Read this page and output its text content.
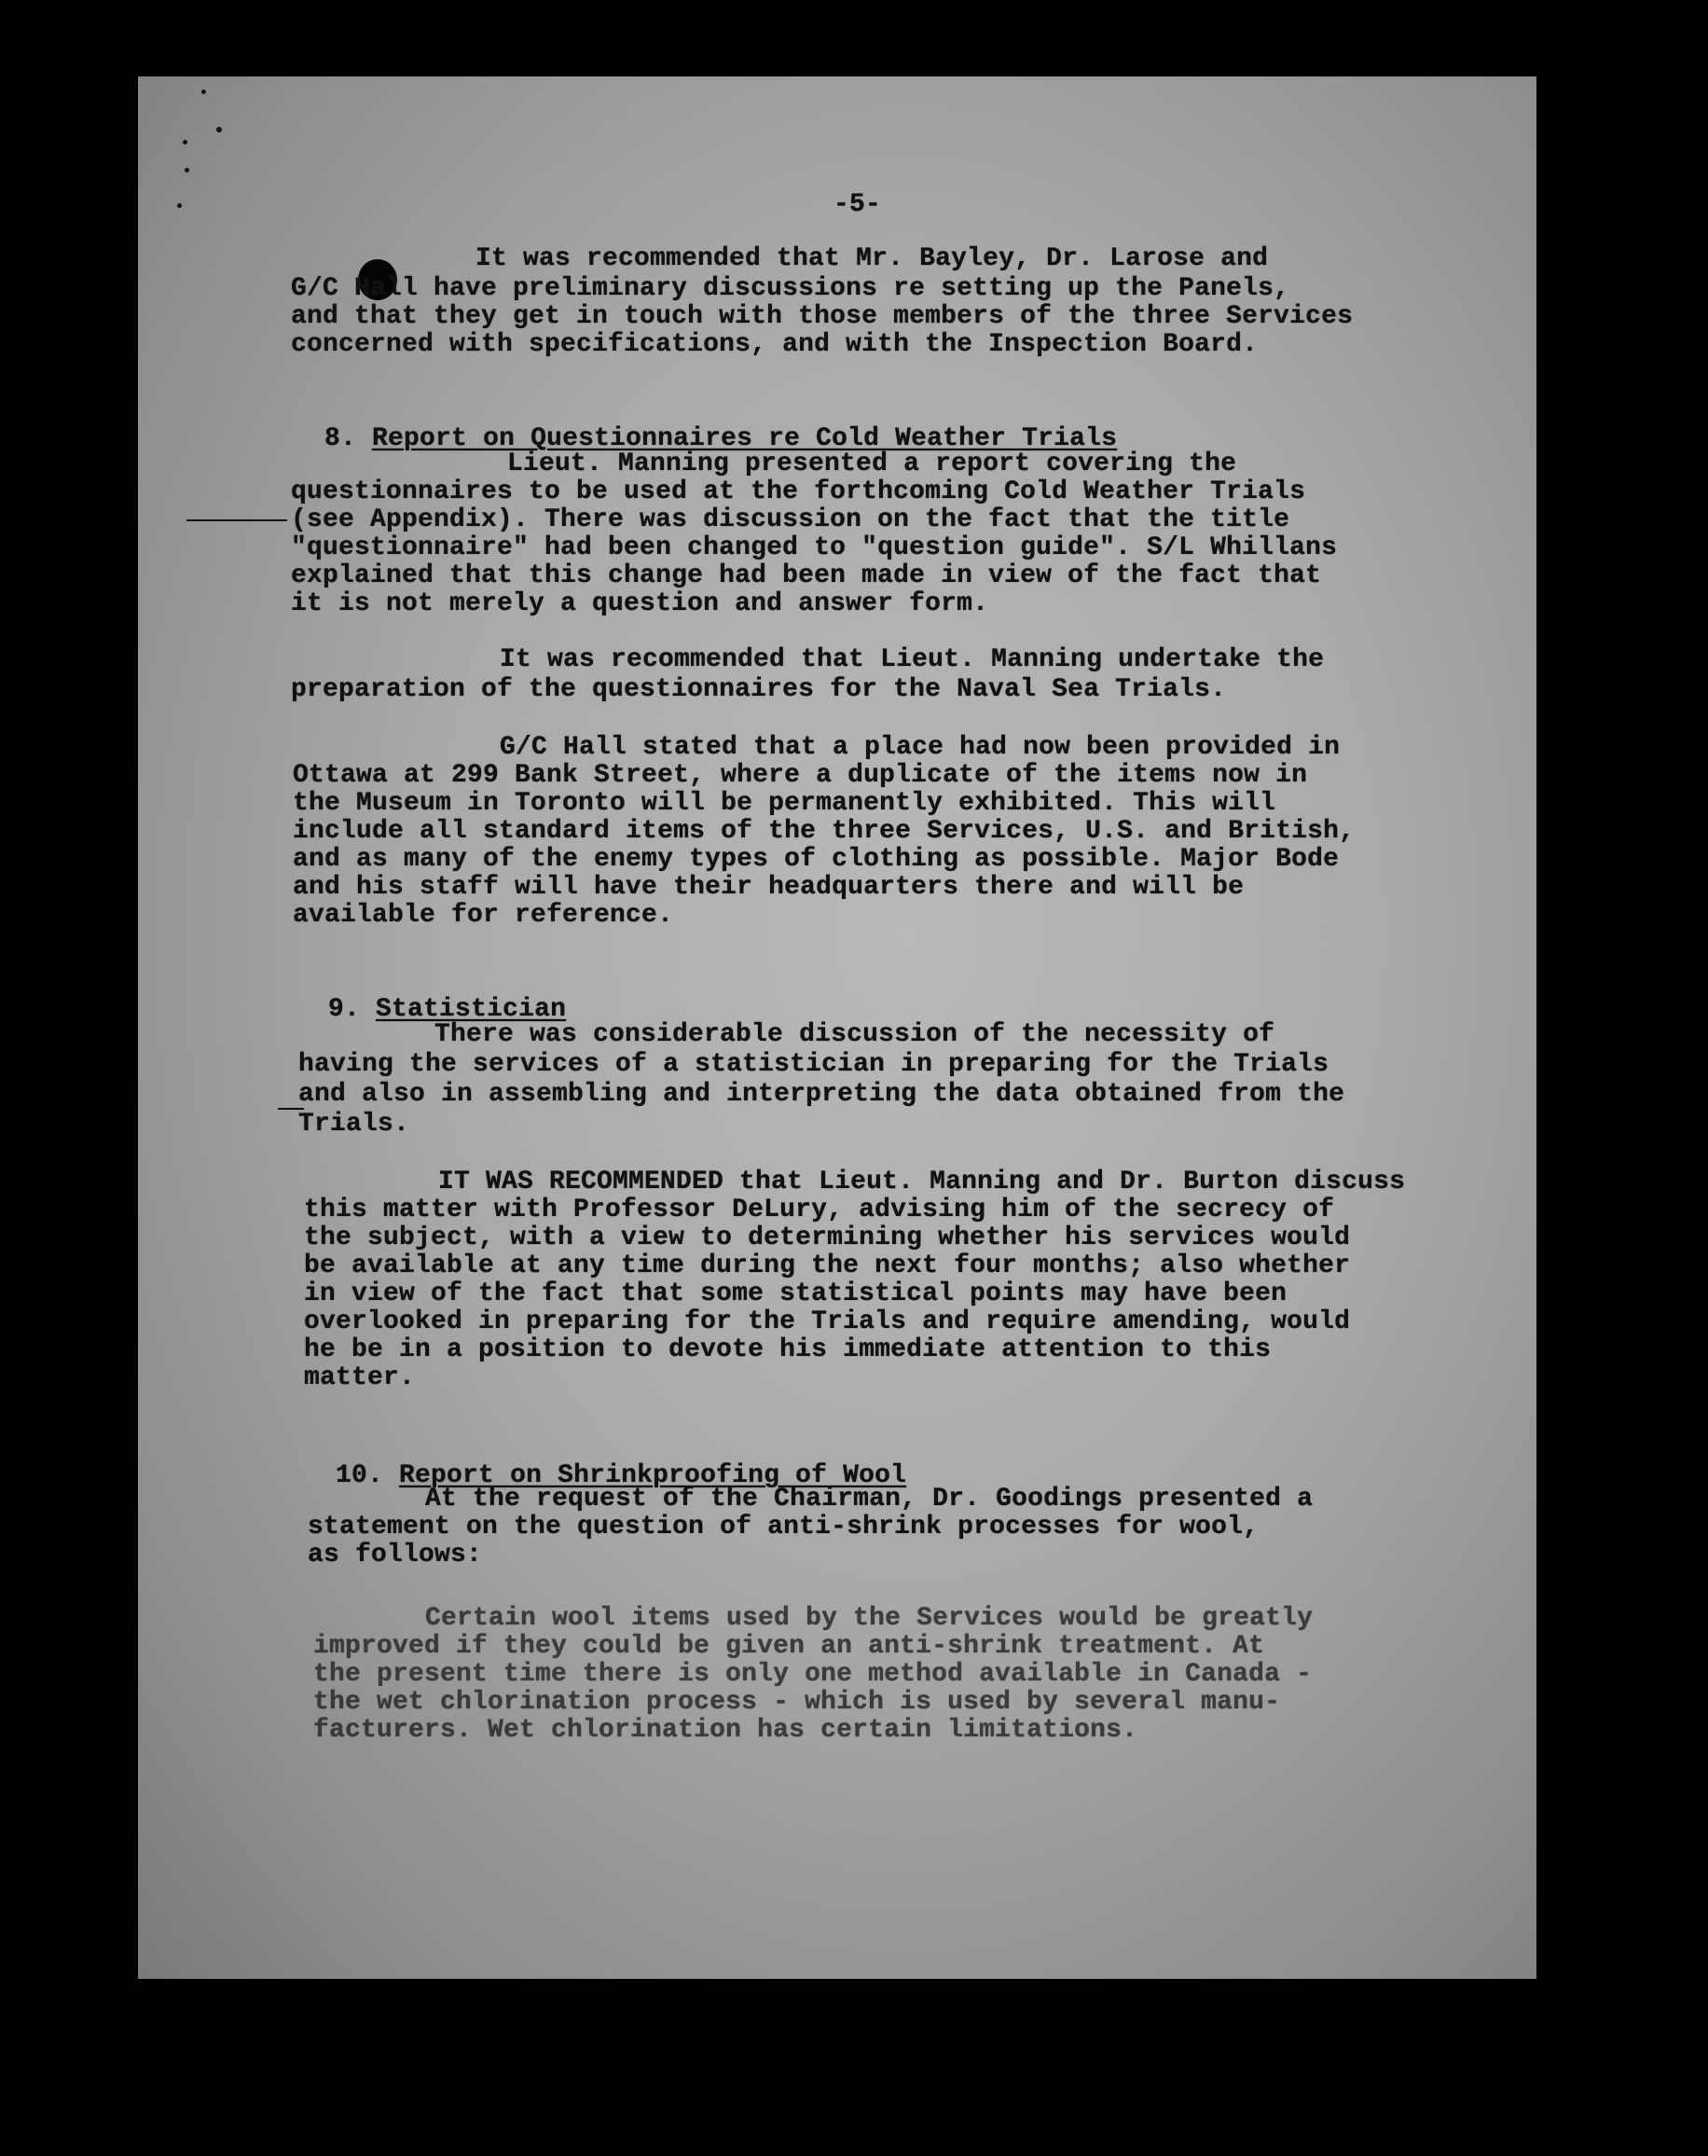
-5-
It was recommended that Mr. Bayley, Dr. Larose and
G/C Hall have preliminary discussions re setting up the Panels,
and that they get in touch with those members of the three Services
concerned with specifications, and with the Inspection Board.

8. Report on Questionnaires re Cold Weather Trials

Lieut. Manning presented a report covering the
questionnaires to be used at the forthcoming Cold Weather Trials
(see Appendix). There was discussion on the fact that the title
"questionnaire" had been changed to "question guide". S/L Whillans
explained that this change had been made in view of the fact that
it is not merely a question and answer form.
It was recommended that Lieut. Manning undertake the
preparation of the questionnaires for the Naval Sea Trials.
G/C Hall stated that a place had now been provided in
Ottawa at 299 Bank Street, where a duplicate of the items now in
the Museum in Toronto will be permanently exhibited. This will
include all standard items of the three Services, U.S. and British,
and as many of the enemy types of clothing as possible. Major Bode
and his staff will have their headquarters there and will be
available for reference.

9. Statistician

There was considerable discussion of the necessity of
having the services of a statistician in preparing for the Trials
and also in assembling and interpreting the data obtained from the
Trials.
IT WAS RECOMMENDED that Lieut. Manning and Dr. Burton discuss
this matter with Professor DeLury, advising him of the secrecy of
the subject, with a view to determining whether his services would
be available at any time during the next four months; also whether
in view of the fact that some statistical points may have been
overlooked in preparing for the Trials and require amending, would
he be in a position to devote his immediate attention to this
matter.

10. Report on Shrinkproofing of Wool

At the request of the Chairman, Dr. Goodings presented a
statement on the question of anti-shrink processes for wool,
as follows:
Certain wool items used by the Services would be greatly
improved if they could be given an anti-shrink treatment. At
the present time there is only one method available in Canada -
the wet chlorination process - which is used by several manu-
facturers. Wet chlorination has certain limitations.
